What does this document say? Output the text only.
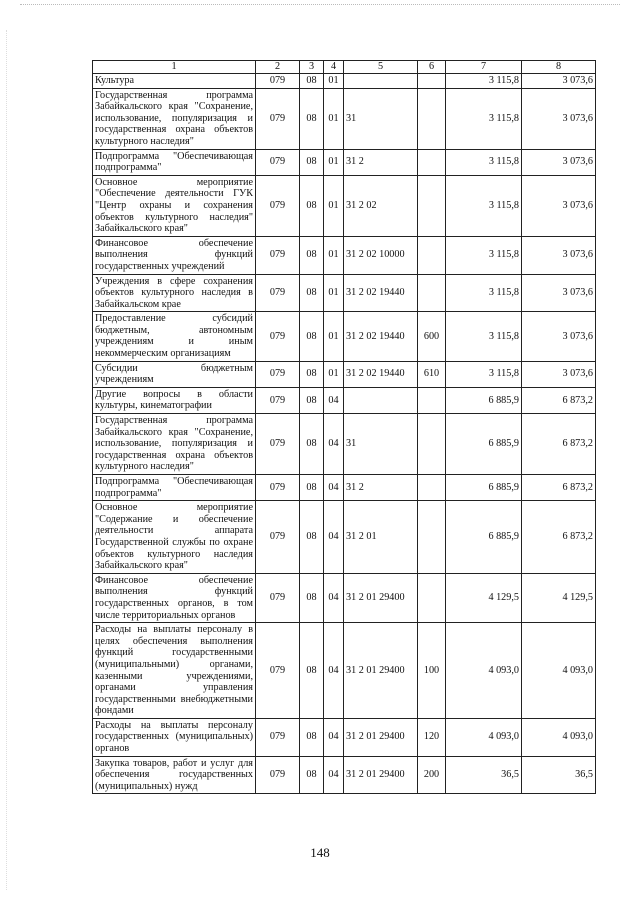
1	2	3	4	5	6	7	8
Культура	079	08	01			3 115,8	3 073,6
Государственная программа Забайкальского края "Сохранение, использование, популяризация и государственная охрана объектов культурного наследия"	079	08	01	31		3 115,8	3 073,6
Подпрограмма "Обеспечивающая подпрограмма"	079	08	01	31 2		3 115,8	3 073,6
Основное мероприятие "Обеспечение деятельности ГУК "Центр охраны и сохранения объектов культурного наследия" Забайкальского края"	079	08	01	31 2 02		3 115,8	3 073,6
Финансовое обеспечение выполнения функций государственных учреждений	079	08	01	31 2 02 10000		3 115,8	3 073,6
Учреждения в сфере сохранения объектов культурного наследия в Забайкальском крае	079	08	01	31 2 02 19440		3 115,8	3 073,6
Предоставление субсидий бюджетным, автономным учреждениям и иным некоммерческим организациям	079	08	01	31 2 02 19440	600	3 115,8	3 073,6
Субсидии бюджетным учреждениям	079	08	01	31 2 02 19440	610	3 115,8	3 073,6
Другие вопросы в области культуры, кинематографии	079	08	04			6 885,9	6 873,2
Государственная программа Забайкальского края "Сохранение, использование, популяризация и государственная охрана объектов культурного наследия"	079	08	04	31		6 885,9	6 873,2
Подпрограмма "Обеспечивающая подпрограмма"	079	08	04	31 2		6 885,9	6 873,2
Основное мероприятие "Содержание и обеспечение деятельности аппарата Государственной службы по охране объектов культурного наследия Забайкальского края"	079	08	04	31 2 01		6 885,9	6 873,2
Финансовое обеспечение выполнения функций государственных органов, в том числе территориальных органов	079	08	04	31 2 01 29400		4 129,5	4 129,5
Расходы на выплаты персоналу в целях обеспечения выполнения функций государственными (муниципальными) органами, казенными учреждениями, органами управления государственными внебюджетными фондами	079	08	04	31 2 01 29400	100	4 093,0	4 093,0
Расходы на выплаты персоналу государственных (муниципальных) органов	079	08	04	31 2 01 29400	120	4 093,0	4 093,0
Закупка товаров, работ и услуг для обеспечения государственных (муниципальных) нужд	079	08	04	31 2 01 29400	200	36,5	36,5
148
